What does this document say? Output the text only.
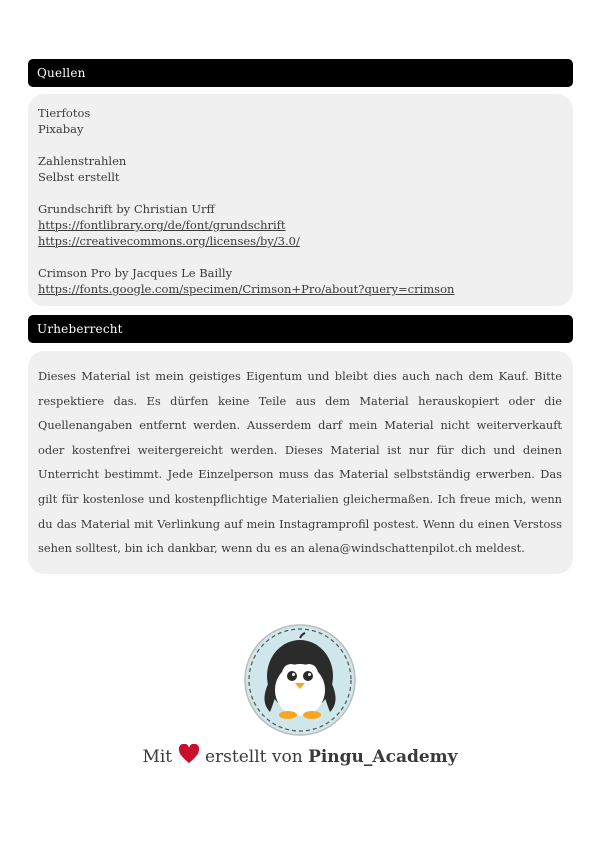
Quellen
Tierfotos
Pixabay
Zahlenstrahlen
Selbst erstellt
Grundschrift by Christian Urff
https://fontlibrary.org/de/font/grundschrift
https://creativecommons.org/licenses/by/3.0/
Crimson Pro by Jacques Le Bailly
https://fonts.google.com/specimen/Crimson+Pro/about?query=crimson
Urheberrecht
Dieses Material ist mein geistiges Eigentum und bleibt dies auch nach dem Kauf. Bitte respektiere das. Es dürfen keine Teile aus dem Material herauskopiert oder die Quellenangaben entfernt werden. Ausserdem darf mein Material nicht weiterverkauft oder kostenfrei weitergereicht werden. Dieses Material ist nur für dich und deinen Unterricht bestimmt. Jede Einzelperson muss das Material selbstständig erwerben. Das gilt für kostenlose und kostenpflichtige Materialien gleichermaßen. Ich freue mich, wenn du das Material mit Verlinkung auf mein Instagramprofil postest. Wenn du einen Verstoss sehen solltest, bin ich dankbar, wenn du es an alena@windschattenpilot.ch meldest.
Mit erstellt von Pingu_Academy
